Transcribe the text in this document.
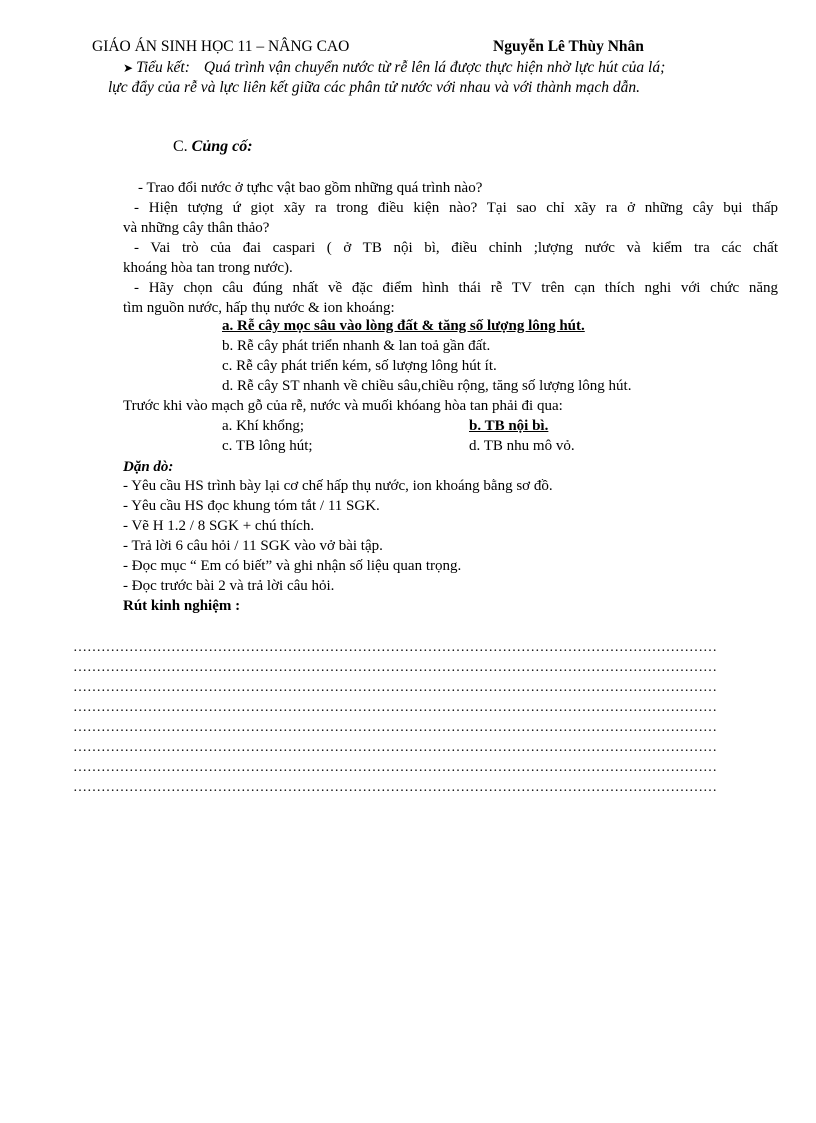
GIÁO ÁN SINH HỌC 11 – NÂNG CAO	Nguyễn Lê Thùy Nhân
➤ Tiểu kết: Quá trình vận chuyển nước từ rễ lên lá được thực hiện nhờ lực hút của lá;
lực đẩy của rễ và lực liên kết giữa các phân tử nước với nhau và với thành mạch dẫn.
C. Củng cố:
- Trao đổi nước ở tựhc vật bao gồm những quá trình nào?
- Hiện tượng ứ giọt xãy ra trong điều kiện nào? Tại sao chỉ xãy ra ở những cây bụi thấp
và những cây thân thảo?
- Vai trò của đai caspari ( ở TB nội bì, điều chỉnh ;lượng nước và kiểm tra các chất
khoáng hòa tan trong nước).
- Hãy chọn câu đúng nhất về đặc điểm hình thái rễ TV trên cạn thích nghi với chức năng
tìm nguồn nước, hấp thụ nước & ion khoáng:
a. Rễ cây mọc sâu vào lòng đất & tăng số lượng lông hút.
b. Rễ cây phát triển nhanh & lan toả gần đất.
c. Rễ cây phát triển kém, số lượng lông hút ít.
d. Rễ cây ST nhanh về chiều sâu,chiều rộng, tăng số lượng lông hút.
Trước khi vào mạch gỗ của rễ, nước và muối khóang hòa tan phải đi qua:
a. Khí khổng;	b. TB nội bì.
c. TB lông hút;	d. TB nhu mô vỏ.
Dặn dò:
- Yêu cầu HS trình bày lại cơ chế hấp thụ nước, ion khoáng bằng sơ đồ.
- Yêu cầu HS đọc khung tóm tắt / 11 SGK.
- Vẽ H 1.2 / 8 SGK + chú thích.
- Trả lời 6 câu hỏi / 11 SGK vào vở bài tập.
- Đọc mục “ Em có biết” và ghi nhận số liệu quan trọng.
- Đọc trước bài 2 và trả lời câu hỏi.
Rút kinh nghiệm :
…………………………………………………………………………………………………………………………
…………………………………………………………………………………………………………………………
…………………………………………………………………………………………………………………………
…………………………………………………………………………………………………………………………
…………………………………………………………………………………………………………………………
…………………………………………………………………………………………………………………………
…………………………………………………………………………………………………………………………
…………………………………………………………………………………………………………………………
